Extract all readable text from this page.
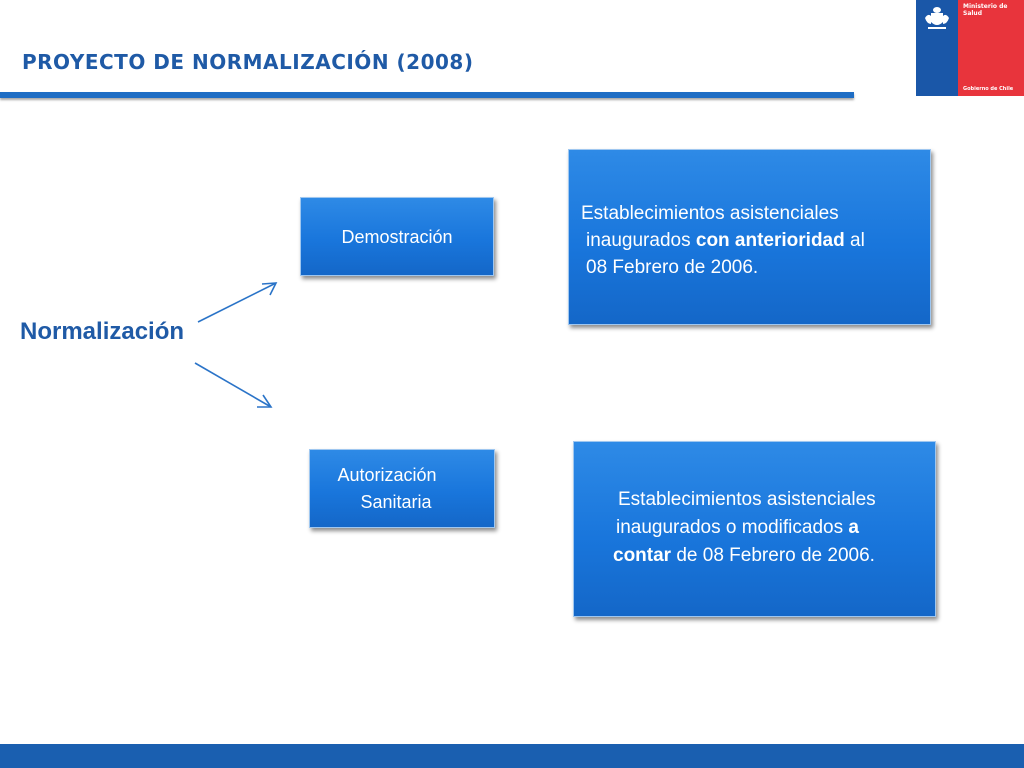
PROYECTO DE NORMALIZACIÓN (2008)
Ministerio de
Salud
Gobierno de Chile
Normalización
Demostración
Establecimientos asistenciales
inaugurados con anterioridad al
08 Febrero de 2006.
Autorización
Sanitaria	Establecimientos asistenciales
inaugurados o modificados a
contar de 08 Febrero de 2006.
